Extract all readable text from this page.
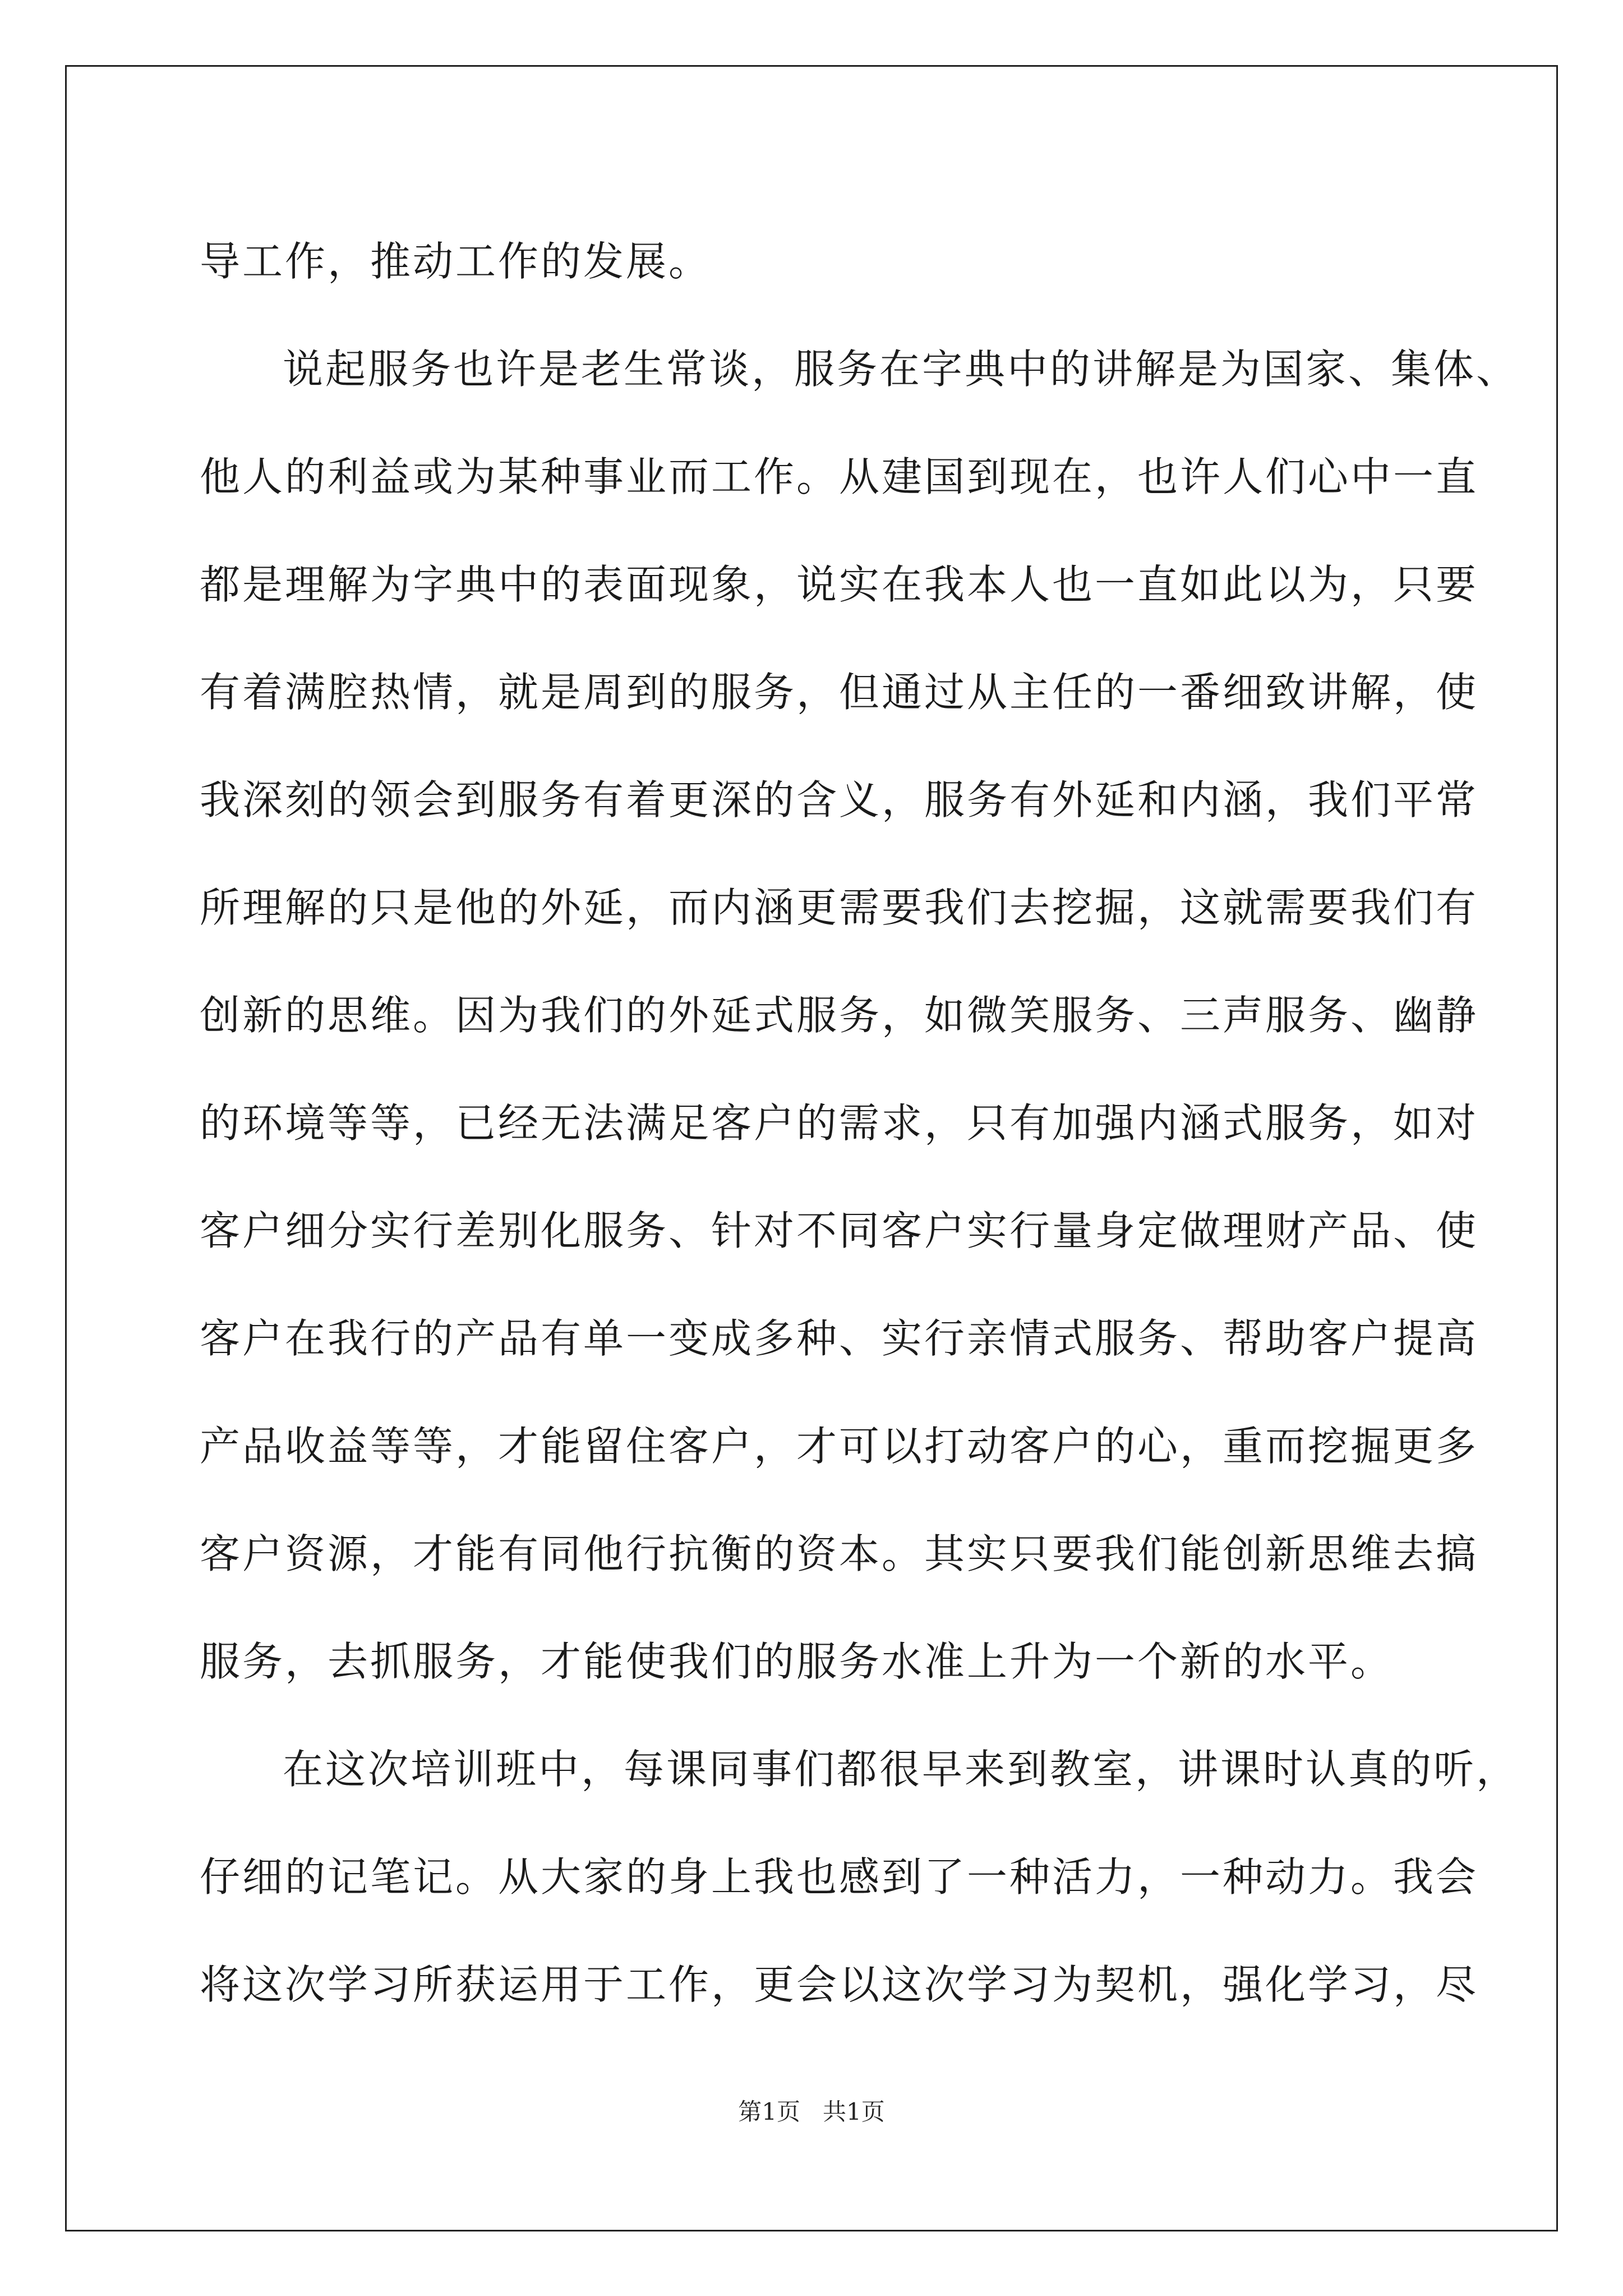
导工作，推动工作的发展。
说起服务也许是老生常谈，服务在字典中的讲解是为国家、集体、
他人的利益或为某种事业而工作。从建国到现在，也许人们心中一直
都是理解为字典中的表面现象，说实在我本人也一直如此以为，只要
有着满腔热情，就是周到的服务，但通过从主任的一番细致讲解，使
我深刻的领会到服务有着更深的含义，服务有外延和内涵，我们平常
所理解的只是他的外延，而内涵更需要我们去挖掘，这就需要我们有
创新的思维。因为我们的外延式服务，如微笑服务、三声服务、幽静
的环境等等，已经无法满足客户的需求，只有加强内涵式服务，如对
客户细分实行差别化服务、针对不同客户实行量身定做理财产品、使
客户在我行的产品有单一变成多种、实行亲情式服务、帮助客户提高
产品收益等等，才能留住客户，才可以打动客户的心，重而挖掘更多
客户资源，才能有同他行抗衡的资本。其实只要我们能创新思维去搞
服务，去抓服务，才能使我们的服务水准上升为一个新的水平。
在这次培训班中，每课同事们都很早来到教室，讲课时认真的听，
仔细的记笔记。从大家的身上我也感到了一种活力，一种动力。我会
将这次学习所获运用于工作，更会以这次学习为契机，强化学习，尽
第1页   共1页
